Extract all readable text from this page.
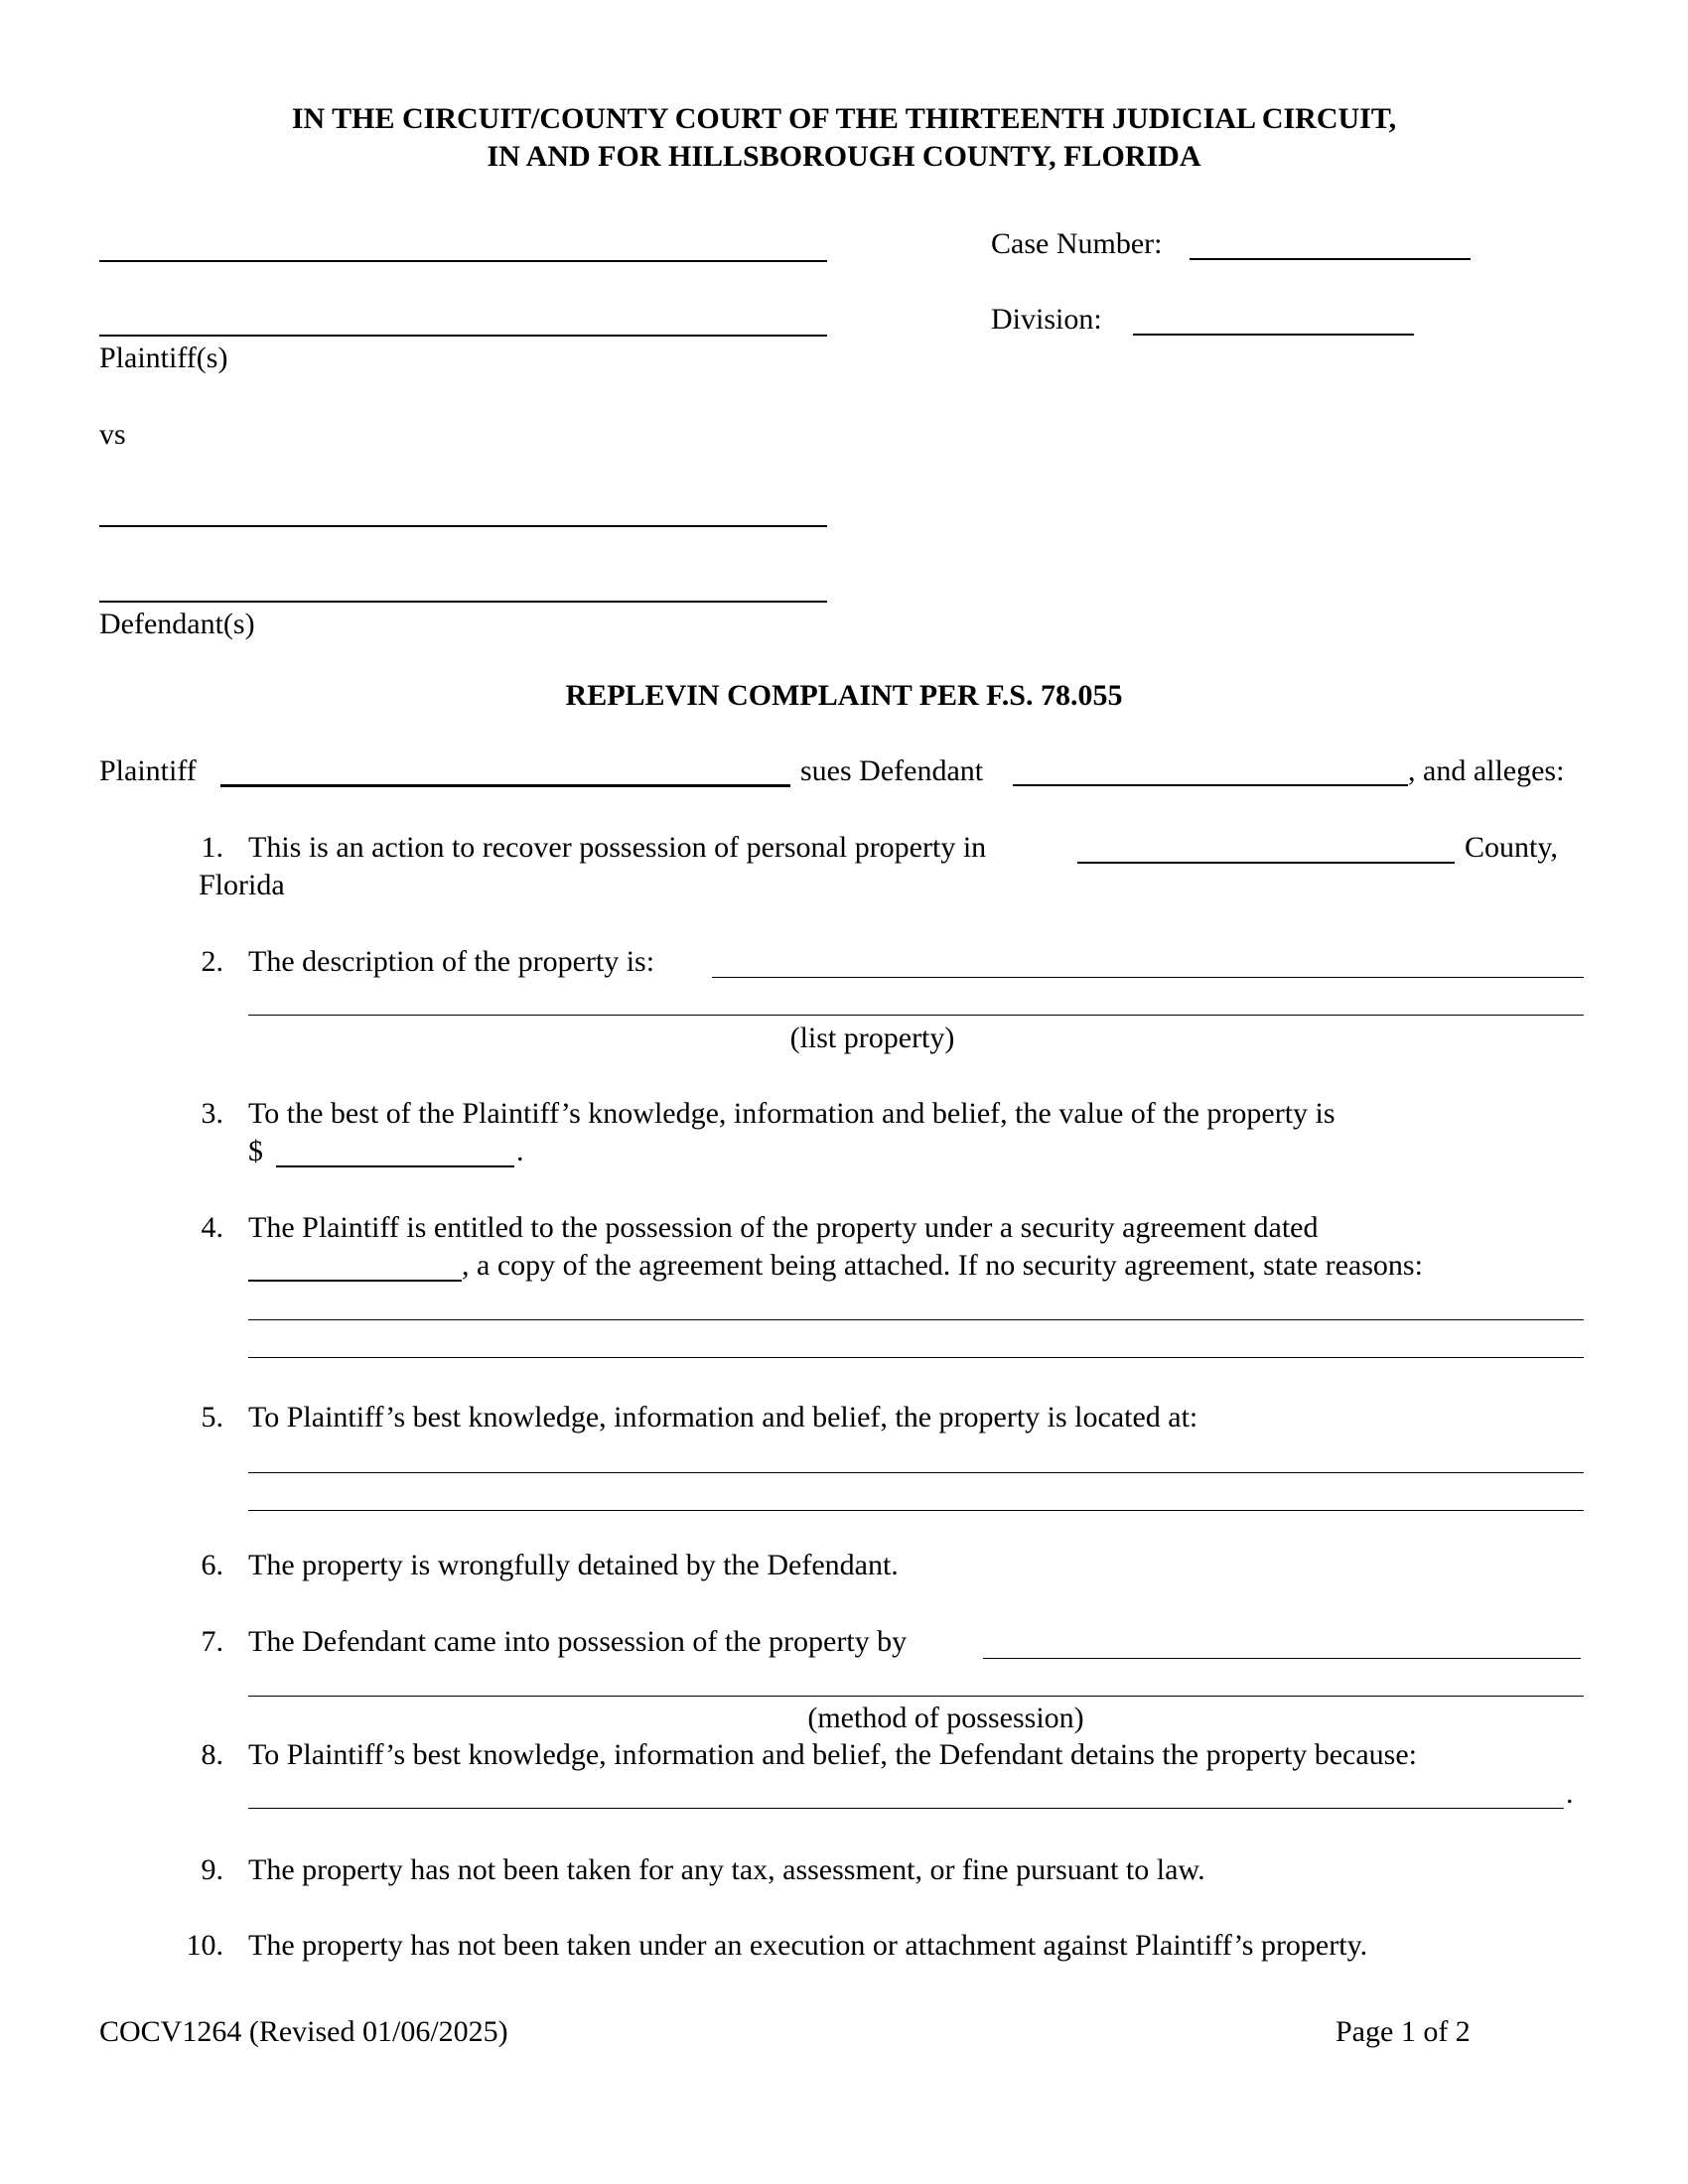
IN THE CIRCUIT/COUNTY COURT OF THE THIRTEENTH JUDICIAL CIRCUIT,
IN AND FOR HILLSBOROUGH COUNTY, FLORIDA
Plaintiff(s)
vs
Defendant(s)
Case Number:
Division:
REPLEVIN COMPLAINT PER F.S. 78.055
Plaintiff	sues Defendant	, and alleges:
1. This is an action to recover possession of personal property in	County,
Florida
2. The description of the property is:
(list property)
3. To the best of the Plaintiff’s knowledge, information and belief, the value of the property is
$	.
4. The Plaintiff is entitled to the possession of the property under a security agreement dated
, a copy of the agreement being attached. If no security agreement, state reasons:
5. To Plaintiff’s best knowledge, information and belief, the property is located at:
6. The property is wrongfully detained by the Defendant.
7. The Defendant came into possession of the property by
(method of possession)
8. To Plaintiff’s best knowledge, information and belief, the Defendant detains the property because:
.
9. The property has not been taken for any tax, assessment, or fine pursuant to law.
10. The property has not been taken under an execution or attachment against Plaintiff’s property.
COCV1264 (Revised 01/06/2025)	Page 1 of 2
